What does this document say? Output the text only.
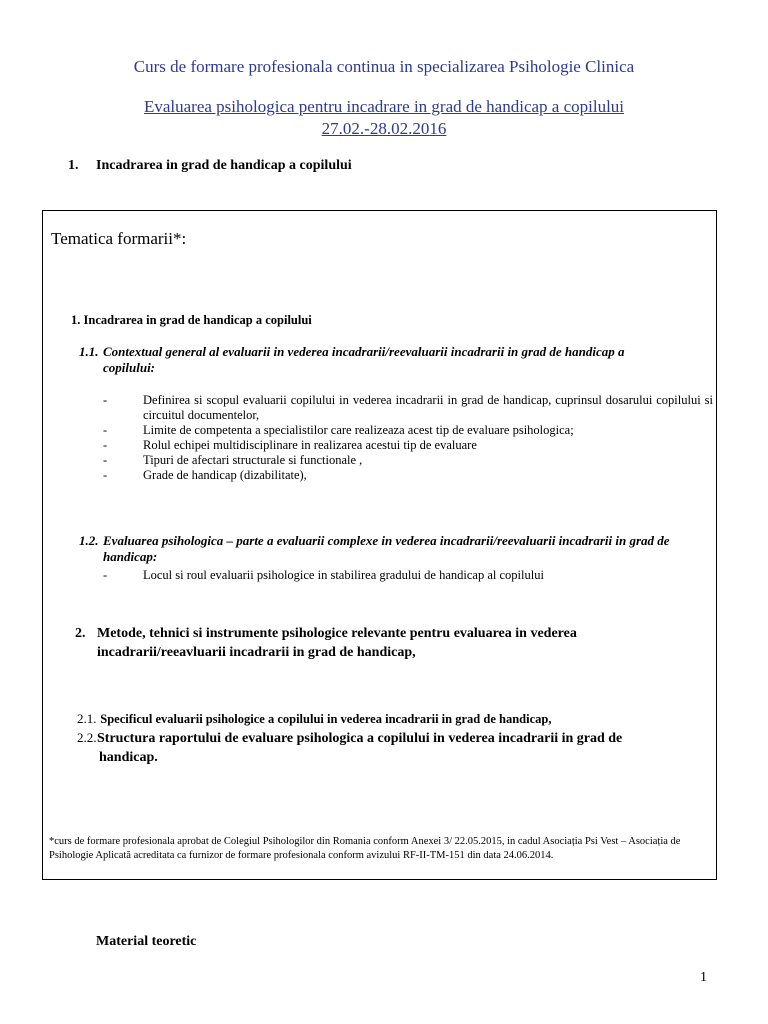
Curs de formare profesionala continua in specializarea Psihologie Clinica
Evaluarea psihologica pentru incadrare in grad de handicap a copilului
27.02.-28.02.2016
1. Incadrarea in grad de handicap a copilului
Tematica formarii*:
1. Incadrarea in grad de handicap a copilului
1.1. Contextual general al evaluarii in vederea incadrarii/reevaluarii incadrarii in grad de handicap a
copilului:
-	Definirea si scopul evaluarii copilului in vederea incadrarii in grad de handicap, cuprinsul dosarului copilului si circuitul documentelor,
-	Limite de competenta a specialistilor care realizeaza acest tip de evaluare psihologica;
-	Rolul echipei multidisciplinare in realizarea acestui tip de evaluare
-	Tipuri de afectari structurale si functionale ,
-	Grade de handicap (dizabilitate),
1.2. Evaluarea psihologica – parte a evaluarii complexe in vederea incadrarii/reevaluarii incadrarii in grad de
handicap:
-	Locul si roul evaluarii psihologice in stabilirea gradului de handicap al copilului
2. Metode, tehnici si instrumente psihologice relevante pentru evaluarea in vederea
incadrarii/reeavluarii incadrarii in grad de handicap,
2.1. Specificul evaluarii psihologice a copilului in vederea incadrarii in grad de handicap,
2.2.Structura raportului de evaluare psihologica a copilului in vederea incadrarii in grad de
handicap.
*curs de formare profesionala aprobat de Colegiul Psihologilor din Romania conform Anexei 3/ 22.05.2015, in cadul Asociația Psi Vest – Asociația de Psihologie Aplicată acreditata ca furnizor de formare profesionala conform avizului RF-II-TM-151 din data 24.06.2014.
Material teoretic
1
